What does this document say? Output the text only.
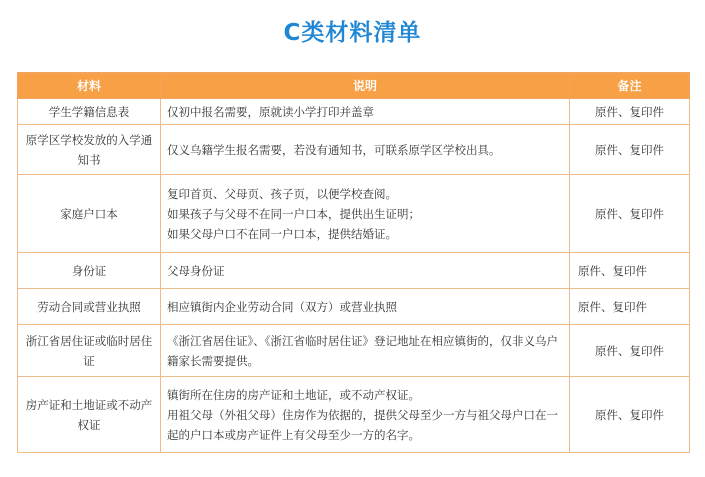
C类材料清单
材料	说明	备注
学生学籍信息表	仅初中报名需要，原就读小学打印并盖章	原件、复印件

原学区学校发放的入学通知书	仅义乌籍学生报名需要，若没有通知书，可联系原学区学校出具。	原件、复印件
家庭户口本	复印首页、父母页、孩子页，以便学校查阅。
如果孩子与父母不在同一户口本，提供出生证明；
如果父母户口不在同一户口本，提供结婚证。	原件、复印件
身份证	父母身份证	原件、复印件
劳动合同或营业执照	相应镇街内企业劳动合同（双方）或营业执照	原件、复印件

浙江省居住证或临时居住证	《浙江省居住证》、《浙江省临时居住证》登记地址在相应镇街的，仅非义乌户籍家长需要提供。	原件、复印件

房产证和土地证或不动产权证	镇街所在住房的房产证和土地证，或不动产权证。
用祖父母（外祖父母）住房作为依据的，提供父母至少一方与祖父母户口在一起的户口本或房产证件上有父母至少一方的名字。	原件、复印件
